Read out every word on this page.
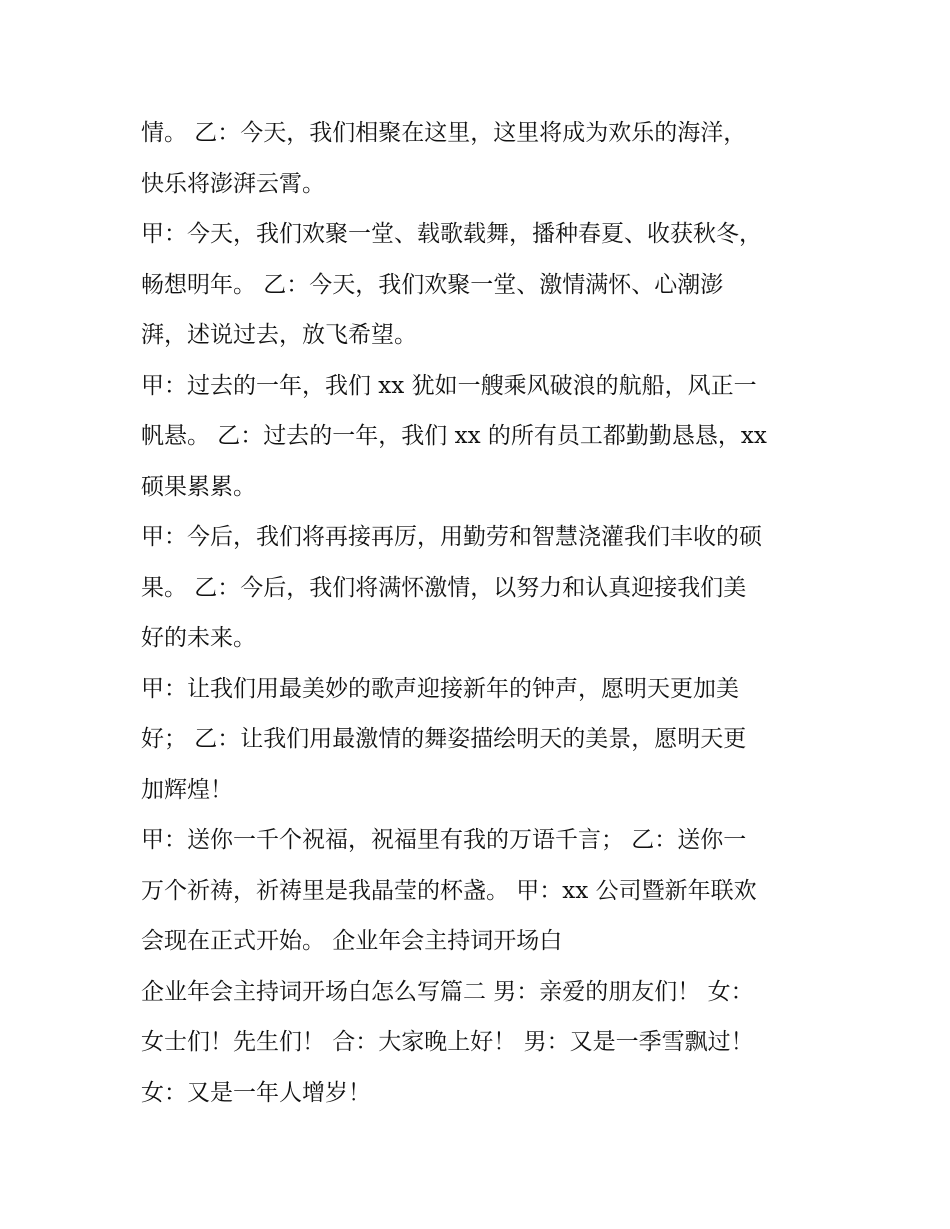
情。 乙：今天，我们相聚在这里，这里将成为欢乐的海洋，
快乐将澎湃云霄。
甲：今天，我们欢聚一堂、载歌载舞，播种春夏、收获秋冬，
畅想明年。 乙：今天，我们欢聚一堂、激情满怀、心潮澎
湃，述说过去，放飞希望。
甲：过去的一年，我们 xx 犹如一艘乘风破浪的航船，风正一
帆悬。 乙：过去的一年，我们 xx 的所有员工都勤勤恳恳，xx
硕果累累。
甲：今后，我们将再接再厉，用勤劳和智慧浇灌我们丰收的硕
果。 乙：今后，我们将满怀激情，以努力和认真迎接我们美
好的未来。
甲：让我们用最美妙的歌声迎接新年的钟声，愿明天更加美
好； 乙：让我们用最激情的舞姿描绘明天的美景，愿明天更
加辉煌！
甲：送你一千个祝福，祝福里有我的万语千言； 乙：送你一
万个祈祷，祈祷里是我晶莹的杯盏。 甲：xx 公司暨新年联欢
会现在正式开始。 企业年会主持词开场白
企业年会主持词开场白怎么写篇二 男：亲爱的朋友们！ 女：
女士们！先生们！ 合：大家晚上好！ 男：又是一季雪飘过！
女：又是一年人增岁！
